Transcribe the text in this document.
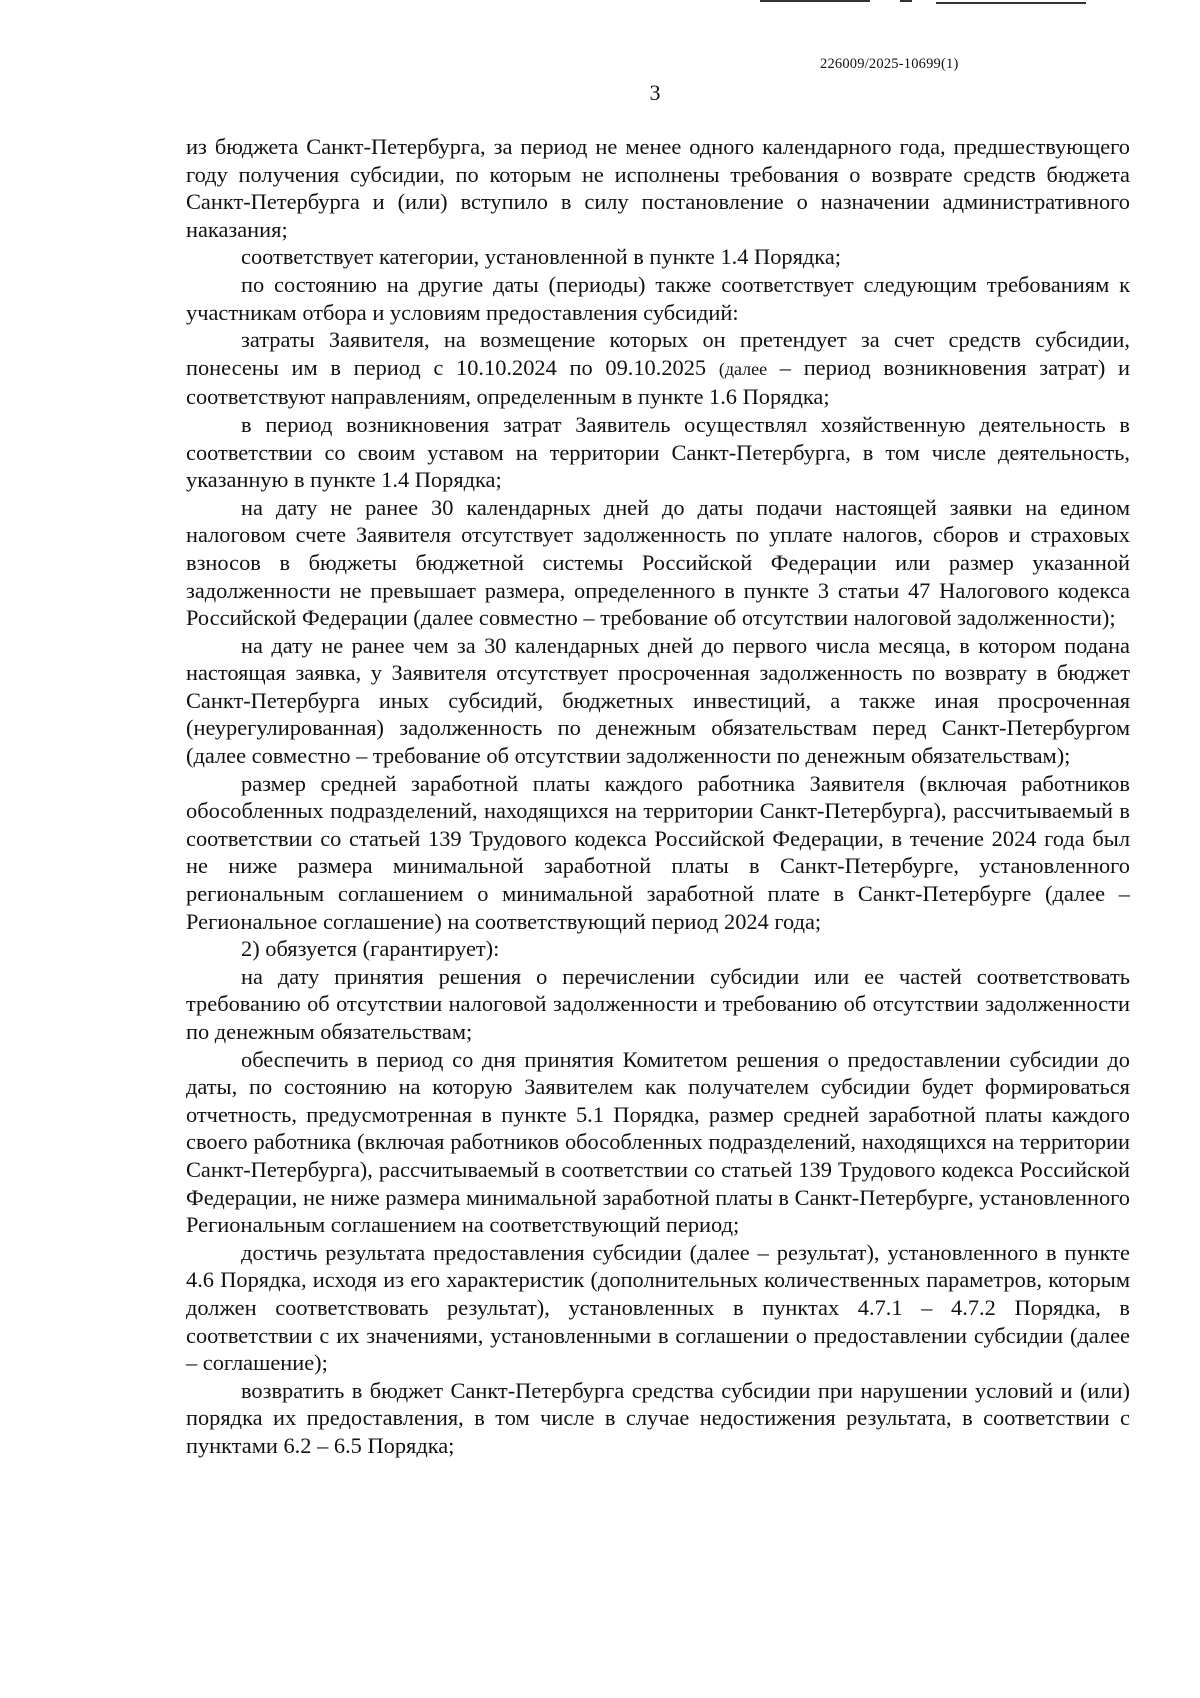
226009/2025-10699(1)
3

из бюджета Санкт-Петербурга, за период не менее одного календарного года, предшествующего году получения субсидии, по которым не исполнены требования о возврате средств бюджета Санкт-Петербурга и (или) вступило в силу постановление о назначении административного наказания;

соответствует категории, установленной в пункте 1.4 Порядка;

по состоянию на другие даты (периоды) также соответствует следующим требованиям к участникам отбора и условиям предоставления субсидий:

затраты Заявителя, на возмещение которых он претендует за счет средств субсидии, понесены им в период с 10.10.2024 по 09.10.2025 (далее – период возникновения затрат) и соответствуют направлениям, определенным в пункте 1.6 Порядка;

в период возникновения затрат Заявитель осуществлял хозяйственную деятельность в соответствии со своим уставом на территории Санкт-Петербурга, в том числе деятельность, указанную в пункте 1.4 Порядка;

на дату не ранее 30 календарных дней до даты подачи настоящей заявки на едином налоговом счете Заявителя отсутствует задолженность по уплате налогов, сборов и страховых взносов в бюджеты бюджетной системы Российской Федерации или размер указанной задолженности не превышает размера, определенного в пункте 3 статьи 47 Налогового кодекса Российской Федерации (далее совместно – требование об отсутствии налоговой задолженности);

на дату не ранее чем за 30 календарных дней до первого числа месяца, в котором подана настоящая заявка, у Заявителя отсутствует просроченная задолженность по возврату в бюджет Санкт-Петербурга иных субсидий, бюджетных инвестиций, а также иная просроченная (неурегулированная) задолженность по денежным обязательствам перед Санкт-Петербургом (далее совместно – требование об отсутствии задолженности по денежным обязательствам);

размер средней заработной платы каждого работника Заявителя (включая работников обособленных подразделений, находящихся на территории Санкт-Петербурга), рассчитываемый в соответствии со статьей 139 Трудового кодекса Российской Федерации, в течение 2024 года был не ниже размера минимальной заработной платы в Санкт-Петербурге, установленного региональным соглашением о минимальной заработной плате в Санкт-Петербурге (далее – Региональное соглашение) на соответствующий период 2024 года;

2) обязуется (гарантирует):

на дату принятия решения о перечислении субсидии или ее частей соответствовать требованию об отсутствии налоговой задолженности и требованию об отсутствии задолженности по денежным обязательствам;

обеспечить в период со дня принятия Комитетом решения о предоставлении субсидии до даты, по состоянию на которую Заявителем как получателем субсидии будет формироваться отчетность, предусмотренная в пункте 5.1 Порядка, размер средней заработной платы каждого своего работника (включая работников обособленных подразделений, находящихся на территории Санкт-Петербурга), рассчитываемый в соответствии со статьей 139 Трудового кодекса Российской Федерации, не ниже размера минимальной заработной платы в Санкт-Петербурге, установленного Региональным соглашением на соответствующий период;

достичь результата предоставления субсидии (далее – результат), установленного в пункте 4.6 Порядка, исходя из его характеристик (дополнительных количественных параметров, которым должен соответствовать результат), установленных в пунктах 4.7.1 – 4.7.2 Порядка, в соответствии с их значениями, установленными в соглашении о предоставлении субсидии (далее – соглашение);

возвратить в бюджет Санкт-Петербурга средства субсидии при нарушении условий и (или) порядка их предоставления, в том числе в случае недостижения результата, в соответствии с пунктами 6.2 – 6.5 Порядка;
